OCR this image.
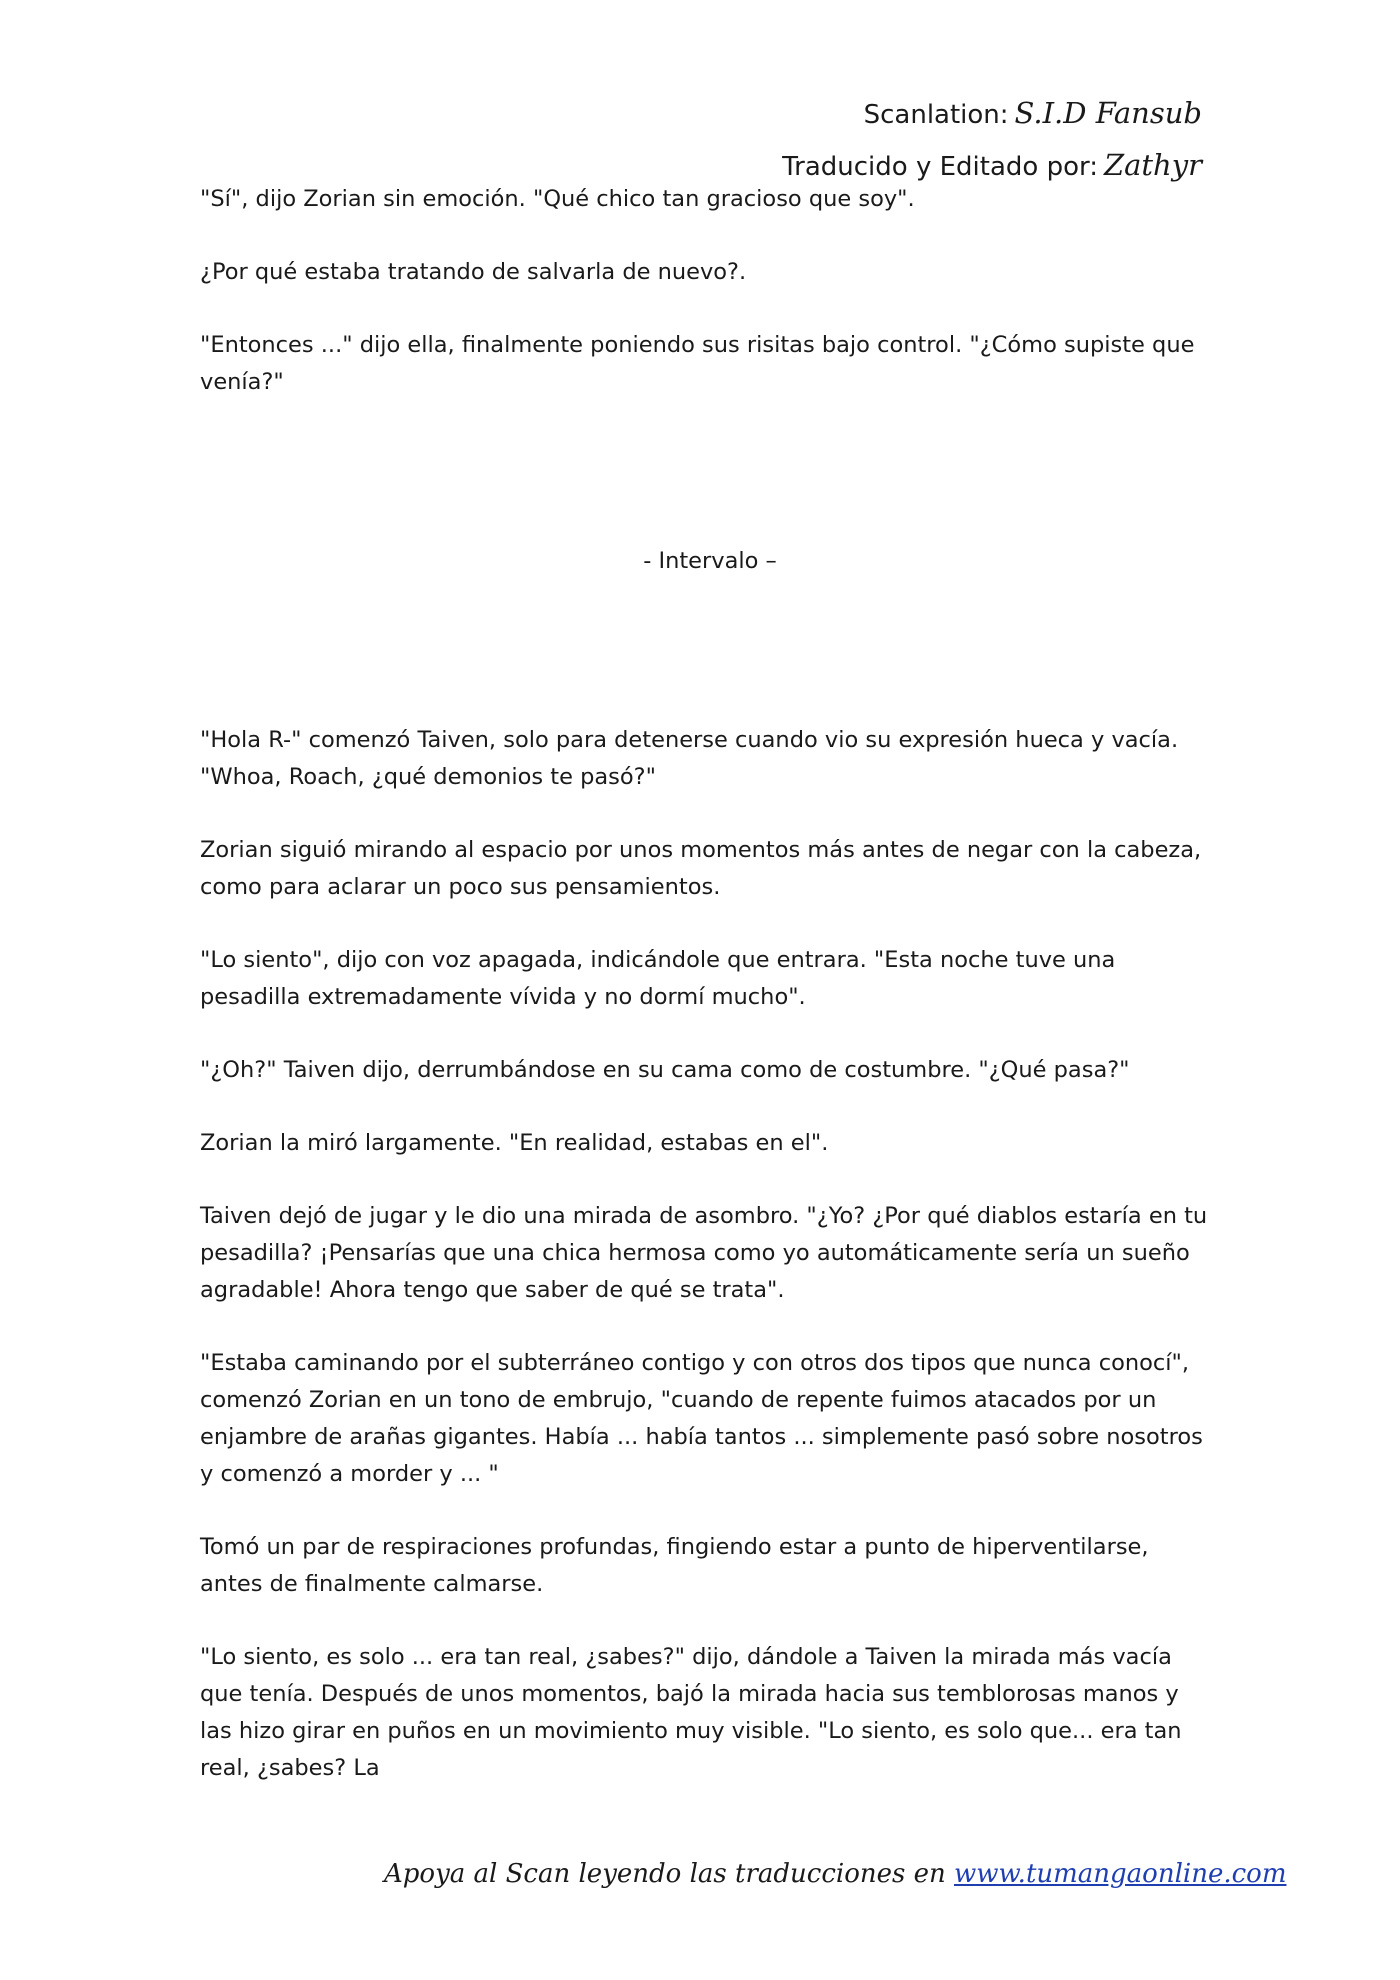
Scanlation: S.I.D Fansub
Traducido y Editado por: Zathyr

"Sí", dijo Zorian sin emoción. "Qué chico tan gracioso que soy".

¿Por qué estaba tratando de salvarla de nuevo?.

"Entonces ..." dijo ella, finalmente poniendo sus risitas bajo control. "¿Cómo supiste que venía?"

- Intervalo –

"Hola R-" comenzó Taiven, solo para detenerse cuando vio su expresión hueca y vacía. "Whoa, Roach, ¿qué demonios te pasó?"

Zorian siguió mirando al espacio por unos momentos más antes de negar con la cabeza, como para aclarar un poco sus pensamientos.

"Lo siento", dijo con voz apagada, indicándole que entrara. "Esta noche tuve una pesadilla extremadamente vívida y no dormí mucho".

"¿Oh?" Taiven dijo, derrumbándose en su cama como de costumbre. "¿Qué pasa?"

Zorian la miró largamente. "En realidad, estabas en el".

Taiven dejó de jugar y le dio una mirada de asombro. "¿Yo? ¿Por qué diablos estaría en tu pesadilla? ¡Pensarías que una chica hermosa como yo automáticamente sería un sueño agradable! Ahora tengo que saber de qué se trata".

"Estaba caminando por el subterráneo contigo y con otros dos tipos que nunca conocí", comenzó Zorian en un tono de embrujo, "cuando de repente fuimos atacados por un enjambre de arañas gigantes. Había ... había tantos ... simplemente pasó sobre nosotros y comenzó a morder y ... "

Tomó un par de respiraciones profundas, fingiendo estar a punto de hiperventilarse, antes de finalmente calmarse.

"Lo siento, es solo ... era tan real, ¿sabes?" dijo, dándole a Taiven la mirada más vacía que tenía. Después de unos momentos, bajó la mirada hacia sus temblorosas manos y las hizo girar en puños en un movimiento muy visible. "Lo siento, es solo que... era tan real, ¿sabes? La

Apoya al Scan leyendo las traducciones en www.tumangaonline.com
